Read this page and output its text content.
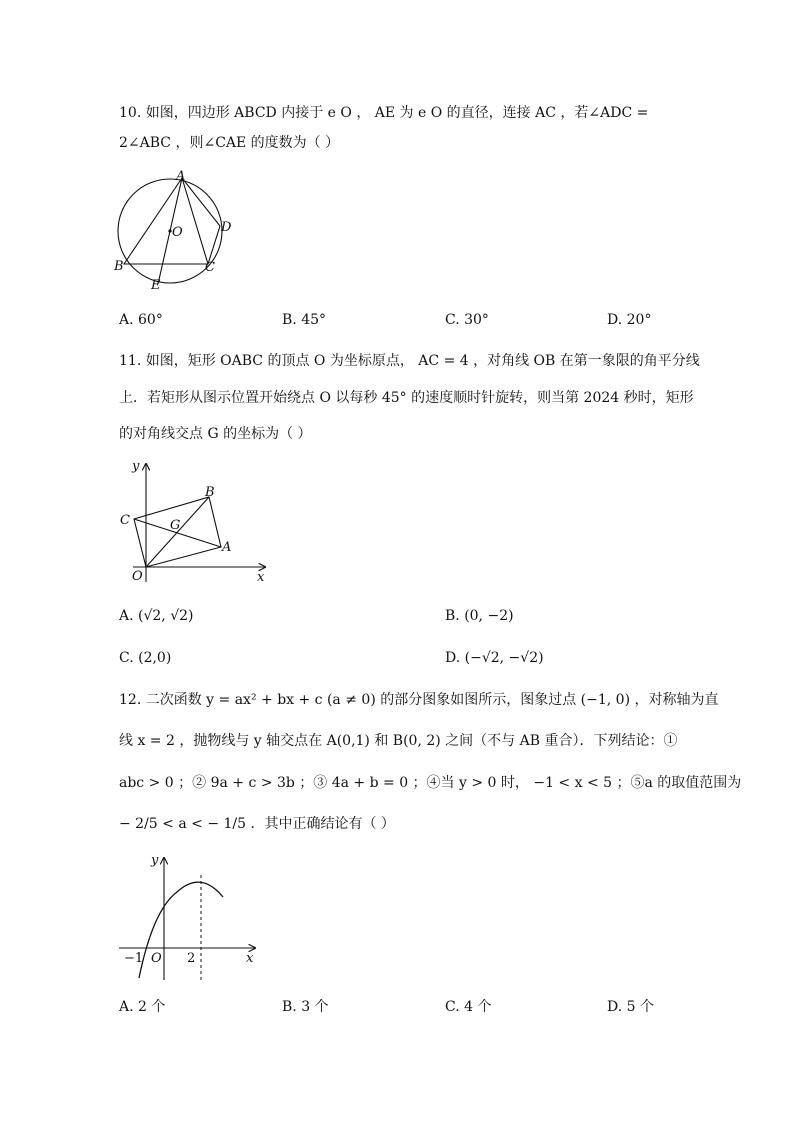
10. 如图，四边形 ABCD 内接于 e O ， AE 为 e O 的直径，连接 AC ，若∠ADC =
2∠ABC ，则∠CAE 的度数为（ ）
A
B	C
D
E
O
A. 60°	B. 45°	C. 30°	D. 20°
11. 如图，矩形 OABC 的顶点 O 为坐标原点， AC = 4 ，对角线 OB 在第一象限的角平分线
上．若矩形从图示位置开始绕点 O 以每秒 45° 的速度顺时针旋转，则当第 2024 秒时，矩形
的对角线交点 G 的坐标为（ ）
y
x
B
C	G
A
O
A. (√2, √2)	B. (0, −2)
C. (2,0)	D. (−√2, −√2)
12. 二次函数 y = ax² + bx + c (a ≠ 0) 的部分图象如图所示，图象过点 (−1, 0) ，对称轴为直
线 x = 2 ，抛物线与 y 轴交点在 A(0,1) 和 B(0, 2) 之间（不与 AB 重合）．下列结论：①
abc > 0 ；② 9a + c > 3b ；③ 4a + b = 0 ；④当 y > 0 时， −1 < x < 5 ；⑤a 的取值范围为
− 2/5 < a < − 1/5 ．其中正确结论有（ ）
y
x
−1 O 2
A. 2 个	B. 3 个	C. 4 个	D. 5 个
